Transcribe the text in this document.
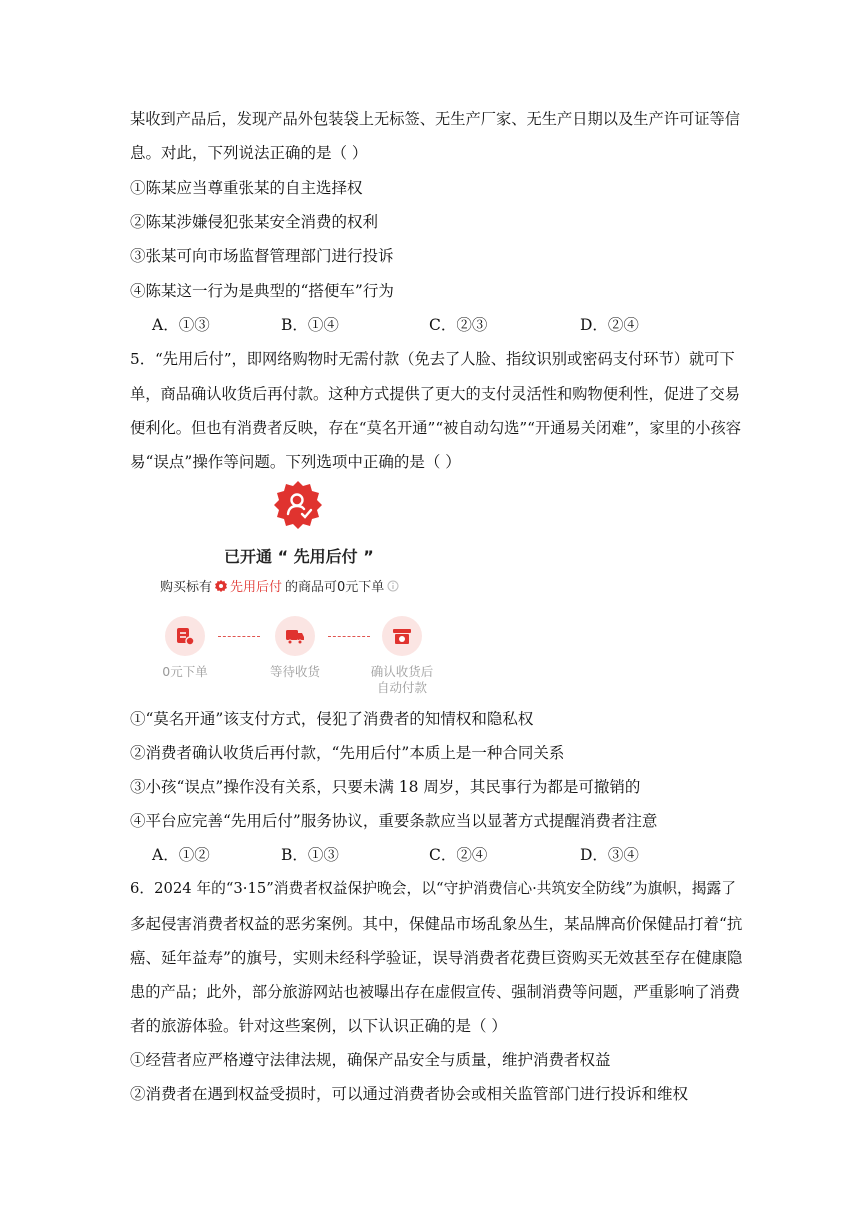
某收到产品后，发现产品外包装袋上无标签、无生产厂家、无生产日期以及生产许可证等信
息。对此，下列说法正确的是（ ）
①陈某应当尊重张某的自主选择权
②陈某涉嫌侵犯张某安全消费的权利
③张某可向市场监督管理部门进行投诉
④陈某这一行为是典型的“搭便车”行为
A．①③	B．①④	C．②③	D．②④
5．“先用后付”，即网络购物时无需付款（免去了人脸、指纹识别或密码支付环节）就可下
单，商品确认收货后再付款。这种方式提供了更大的支付灵活性和购物便利性，促进了交易
便利化。但也有消费者反映，存在“莫名开通”“被自动勾选”“开通易关闭难”，家里的小孩容
易“误点”操作等问题。下列选项中正确的是（ ）
已开通 “ 先用后付 ”
购买标有 先用后付 的商品可0元下单
0元下单	等待收货	确认收货后
自动付款
①“莫名开通”该支付方式，侵犯了消费者的知情权和隐私权
②消费者确认收货后再付款，“先用后付”本质上是一种合同关系
③小孩“误点”操作没有关系，只要未满 18 周岁，其民事行为都是可撤销的
④平台应完善“先用后付”服务协议，重要条款应当以显著方式提醒消费者注意
A．①②	B．①③	C．②④	D．③④
6．2024 年的“3·15”消费者权益保护晚会，以“守护消费信心·共筑安全防线”为旗帜，揭露了
多起侵害消费者权益的恶劣案例。其中，保健品市场乱象丛生，某品牌高价保健品打着“抗
癌、延年益寿”的旗号，实则未经科学验证，误导消费者花费巨资购买无效甚至存在健康隐
患的产品；此外，部分旅游网站也被曝出存在虚假宣传、强制消费等问题，严重影响了消费
者的旅游体验。针对这些案例，以下认识正确的是（ ）
①经营者应严格遵守法律法规，确保产品安全与质量，维护消费者权益
②消费者在遇到权益受损时，可以通过消费者协会或相关监管部门进行投诉和维权
